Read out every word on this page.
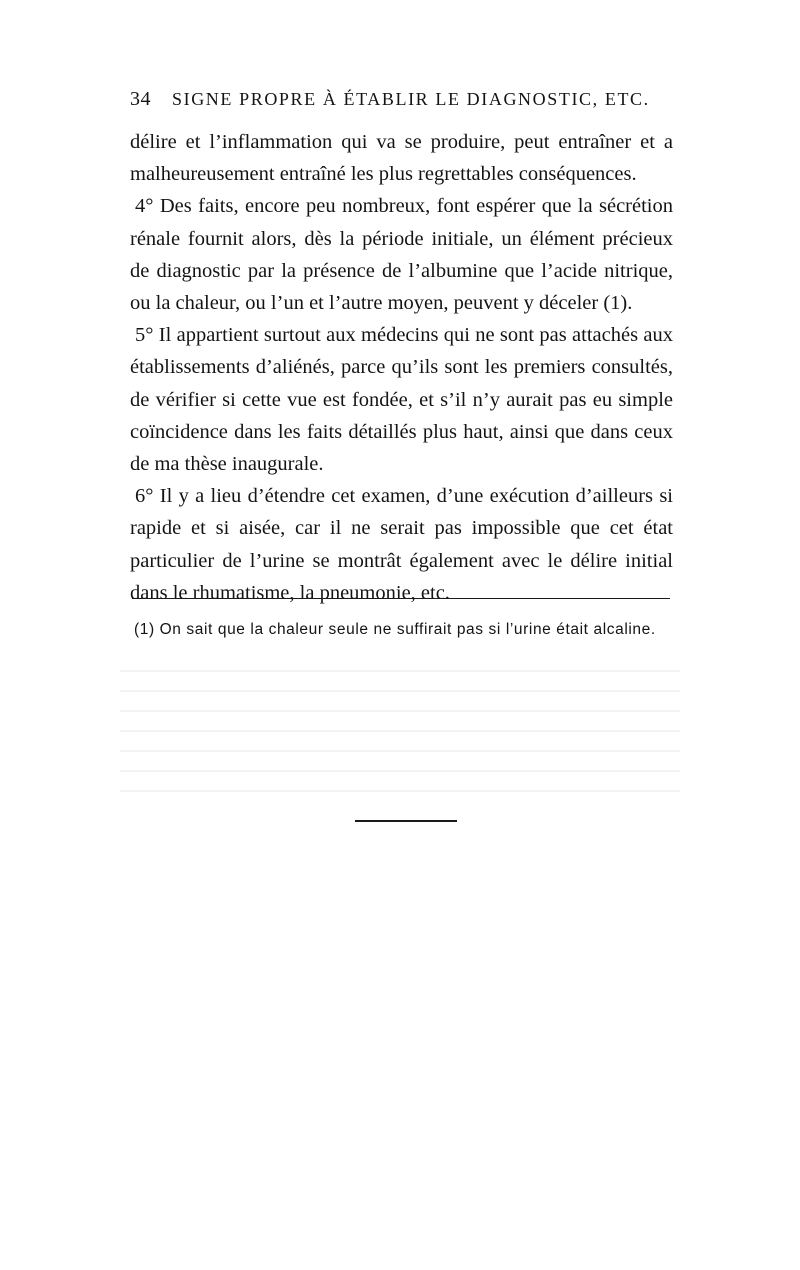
34 SIGNE PROPRE À ÉTABLIR LE DIAGNOSTIC, ETC.

délire et l’inflammation qui va se produire, peut entraîner et a malheureusement entraîné les plus regrettables conséquences.

4° Des faits, encore peu nombreux, font espérer que la sécrétion rénale fournit alors, dès la période initiale, un élément précieux de diagnostic par la présence de l’albumine que l’acide nitrique, ou la chaleur, ou l’un et l’autre moyen, peuvent y déceler (1).

5° Il appartient surtout aux médecins qui ne sont pas attachés aux établissements d’aliénés, parce qu’ils sont les premiers consultés, de vérifier si cette vue est fondée, et s’il n’y aurait pas eu simple coïncidence dans les faits détaillés plus haut, ainsi que dans ceux de ma thèse inaugurale.

6° Il y a lieu d’étendre cet examen, d’une exécution d’ailleurs si rapide et si aisée, car il ne serait pas impossible que cet état particulier de l’urine se montrât également avec le délire initial dans le rhumatisme, la pneumonie, etc.

(1) On sait que la chaleur seule ne suffirait pas si l’urine était alcaline.
